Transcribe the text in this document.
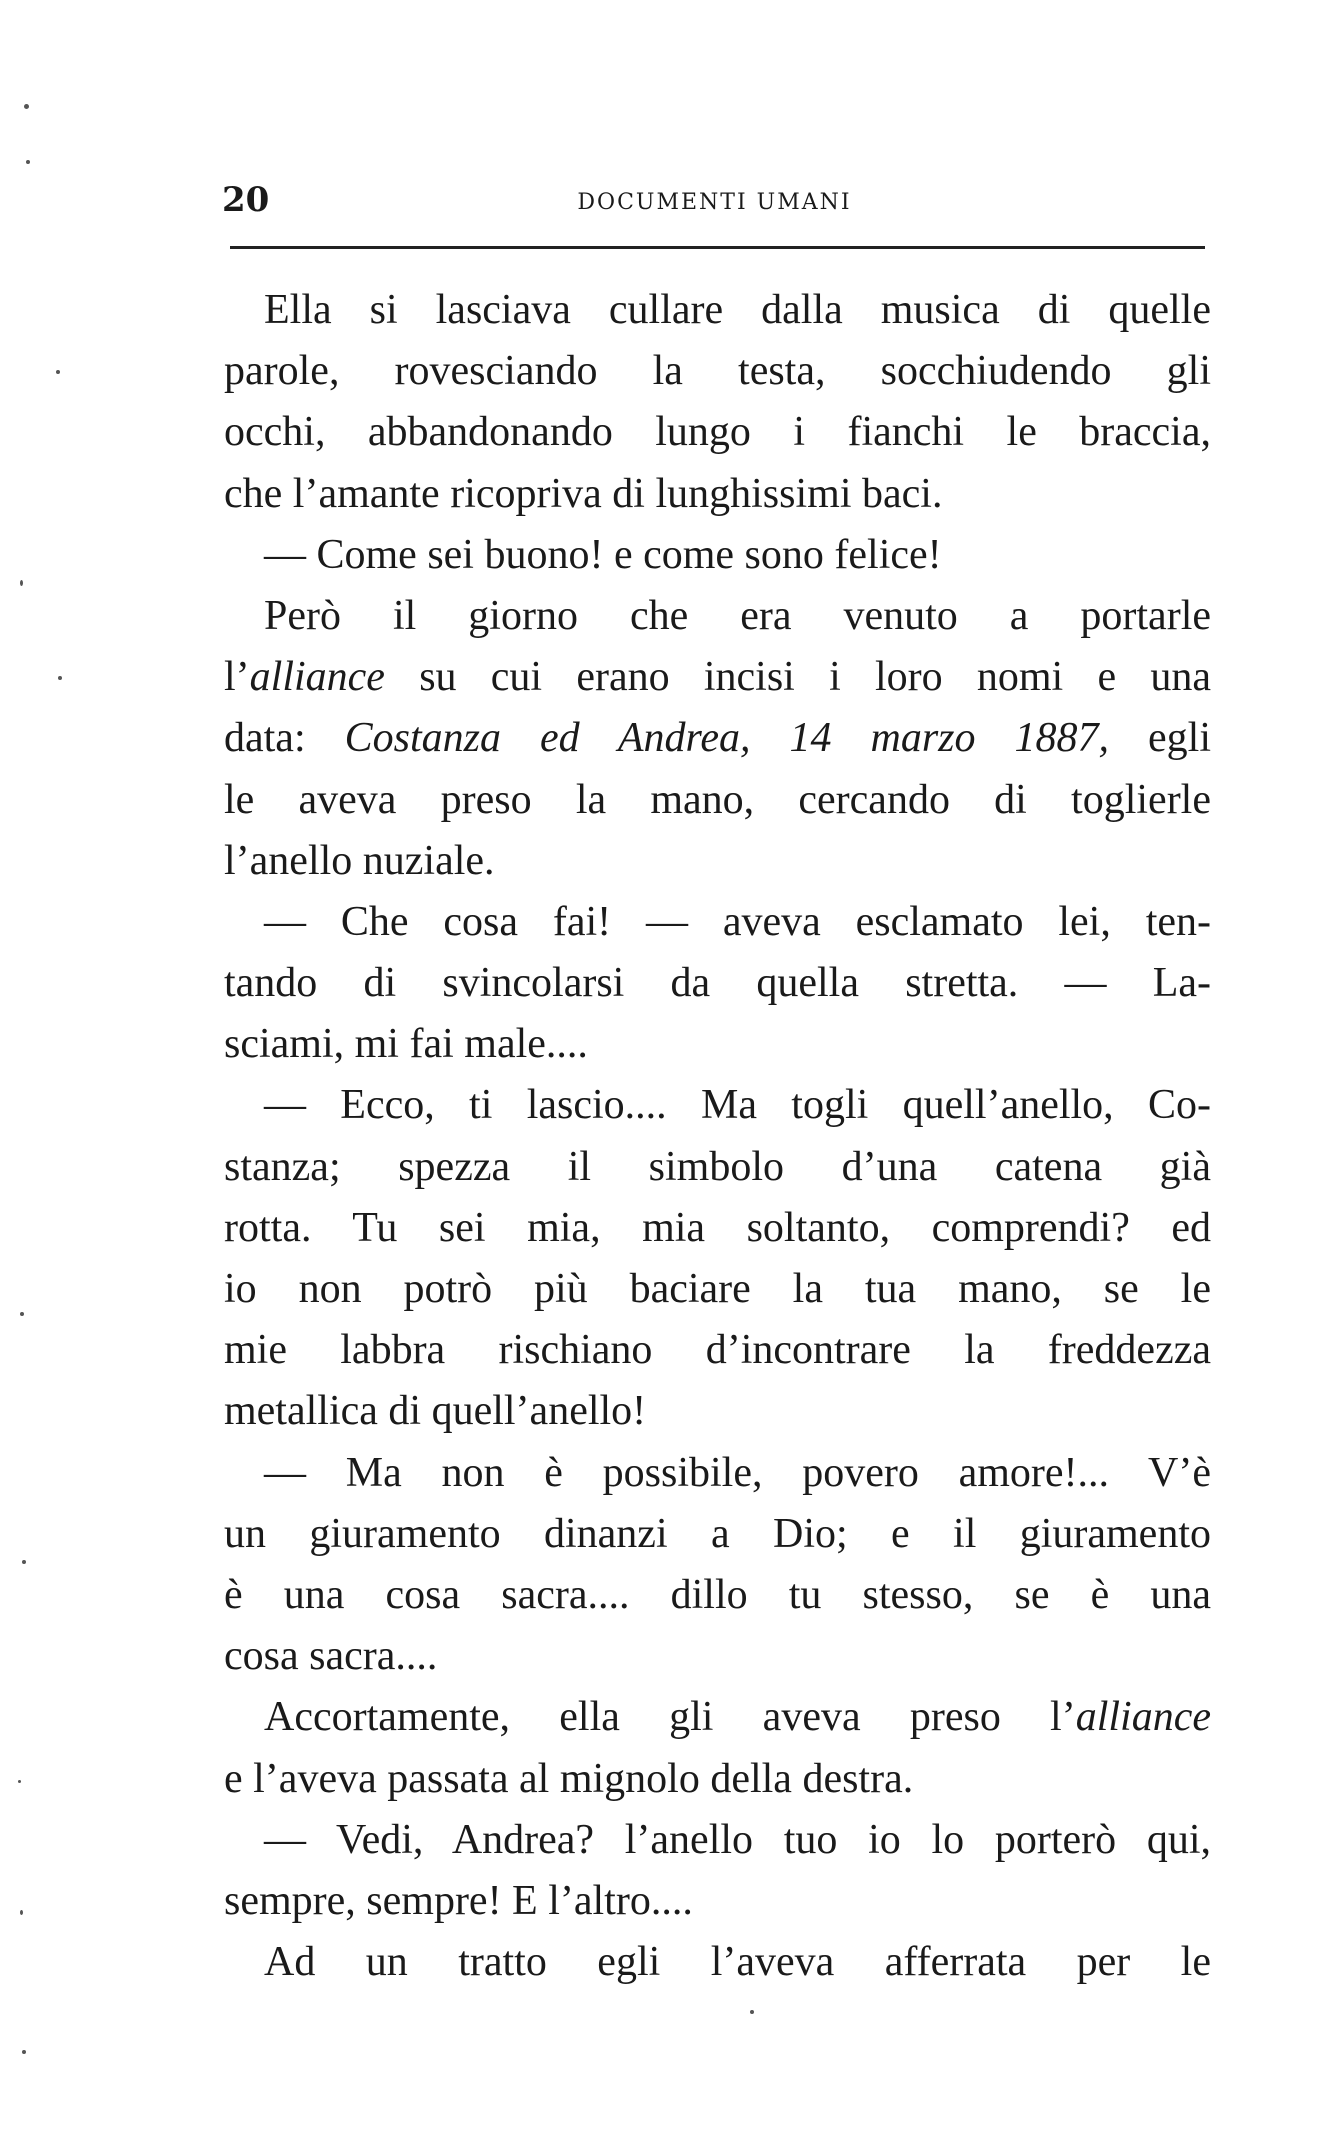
20	DOCUMENTI UMANI
Ella si lasciava cullare dalla musica di quelle
parole, rovesciando la testa, socchiudendo gli
occhi, abbandonando lungo i fianchi le braccia,
che l’amante ricopriva di lunghissimi baci.
— Come sei buono! e come sono felice!
Però il giorno che era venuto a portarle
l’alliance su cui erano incisi i loro nomi e una
data: Costanza ed Andrea, 14 marzo 1887, egli
le aveva preso la mano, cercando di toglierle
l’anello nuziale.
— Che cosa fai! — aveva esclamato lei, ten-
tando di svincolarsi da quella stretta. — La-
sciami, mi fai male....
— Ecco, ti lascio.... Ma togli quell’anello, Co-
stanza; spezza il simbolo d’una catena già
rotta. Tu sei mia, mia soltanto, comprendi? ed
io non potrò più baciare la tua mano, se le
mie labbra rischiano d’incontrare la freddezza
metallica di quell’anello!
— Ma non è possibile, povero amore!... V’è
un giuramento dinanzi a Dio; e il giuramento
è una cosa sacra.... dillo tu stesso, se è una
cosa sacra....
Accortamente, ella gli aveva preso l’alliance
e l’aveva passata al mignolo della destra.
— Vedi, Andrea? l’anello tuo io lo porterò qui,
sempre, sempre! E l’altro....
Ad un tratto egli l’aveva afferrata per le
